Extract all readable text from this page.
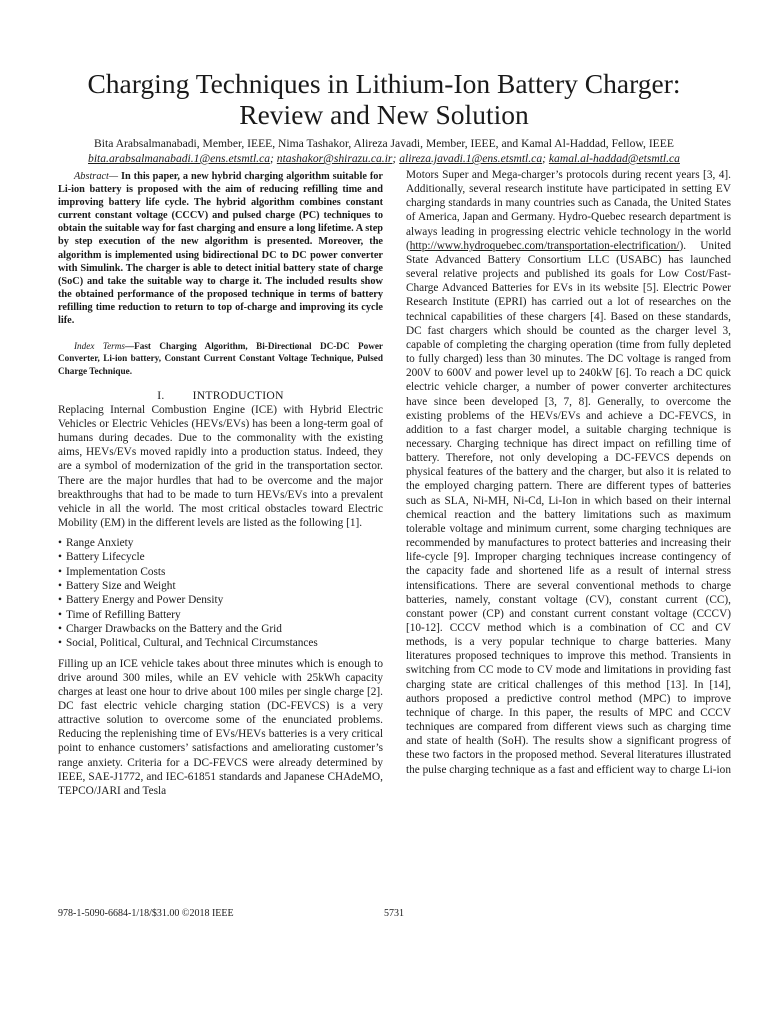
Charging Techniques in Lithium-Ion Battery Charger: Review and New Solution
Bita Arabsalmanabadi, Member, IEEE, Nima Tashakor, Alireza Javadi, Member, IEEE, and Kamal Al-Haddad, Fellow, IEEE
bita.arabsalmanabadi.1@ens.etsmtl.ca; ntashakor@shirazu.ca.ir; alireza.javadi.1@ens.etsmtl.ca; kamal.al-haddad@etsmtl.ca

Abstract— In this paper, a new hybrid charging algorithm suitable for Li-ion battery is proposed with the aim of reducing refilling time and improving battery life cycle. The hybrid algorithm combines constant current constant voltage (CCCV) and pulsed charge (PC) techniques to obtain the suitable way for fast charging and ensure a long lifetime. A step by step execution of the new algorithm is presented. Moreover, the algorithm is implemented using bidirectional DC to DC power converter with Simulink. The charger is able to detect initial battery state of charge (SoC) and take the suitable way to charge it. The included results show the obtained performance of the proposed technique in terms of battery refilling time reduction to return to top of-charge and improving its cycle life.

Index Terms—Fast Charging Algorithm, Bi-Directional DC-DC Power Converter, Li-ion battery, Constant Current Constant Voltage Technique, Pulsed Charge Technique.

I. INTRODUCTION

Replacing Internal Combustion Engine (ICE) with Hybrid Electric Vehicles or Electric Vehicles (HEVs/EVs) has been a long-term goal of humans during decades. Due to the commonality with the existing aims, HEVs/EVs moved rapidly into a production status. Indeed, they are a symbol of modernization of the grid in the transportation sector. There are the major hurdles that had to be overcome and the major breakthroughs that had to be made to turn HEVs/EVs into a prevalent vehicle in all the world. The most critical obstacles toward Electric Mobility (EM) in the different levels are listed as the following [1].

• Range Anxiety
• Battery Lifecycle
• Implementation Costs
• Battery Size and Weight
• Battery Energy and Power Density
• Time of Refilling Battery
• Charger Drawbacks on the Battery and the Grid
• Social, Political, Cultural, and Technical Circumstances

Filling up an ICE vehicle takes about three minutes which is enough to drive around 300 miles, while an EV vehicle with 25kWh capacity charges at least one hour to drive about 100 miles per single charge [2]. DC fast electric vehicle charging station (DC-FEVCS) is a very attractive solution to overcome some of the enunciated problems. Reducing the replenishing time of EVs/HEVs batteries is a very critical point to enhance customers’ satisfactions and ameliorating customer’s range anxiety. Criteria for a DC-FEVCS were already determined by IEEE, SAE-J1772, and IEC-61851 standards and Japanese CHAdeMO, TEPCO/JARI and Tesla

Motors Super and Mega-charger’s protocols during recent years [3, 4]. Additionally, several research institute have participated in setting EV charging standards in many countries such as Canada, the United States of America, Japan and Germany. Hydro-Quebec research department is always leading in progressing electric vehicle technology in the world (http://www.hydroquebec.com/transportation-electrification/). United State Advanced Battery Consortium LLC (USABC) has launched several relative projects and published its goals for Low Cost/Fast-Charge Advanced Batteries for EVs in its website [5]. Electric Power Research Institute (EPRI) has carried out a lot of researches on the technical capabilities of these chargers [4]. Based on these standards, DC fast chargers which should be counted as the charger level 3, capable of completing the charging operation (time from fully depleted to fully charged) less than 30 minutes. The DC voltage is ranged from 200V to 600V and power level up to 240kW [6]. To reach a DC quick electric vehicle charger, a number of power converter architectures have since been developed [3, 7, 8]. Generally, to overcome the existing problems of the HEVs/EVs and achieve a DC-FEVCS, in addition to a fast charger model, a suitable charging technique is necessary. Charging technique has direct impact on refilling time of battery. Therefore, not only developing a DC-FEVCS depends on physical features of the battery and the charger, but also it is related to the employed charging pattern. There are different types of batteries such as SLA, Ni-MH, Ni-Cd, Li-Ion in which based on their internal chemical reaction and the battery limitations such as maximum tolerable voltage and minimum current, some charging techniques are recommended by manufactures to protect batteries and increasing their life-cycle [9]. Improper charging techniques increase contingency of the capacity fade and shortened life as a result of internal stress intensifications. There are several conventional methods to charge batteries, namely, constant voltage (CV), constant current (CC), constant power (CP) and constant current constant voltage (CCCV) [10-12]. CCCV method which is a combination of CC and CV methods, is a very popular technique to charge batteries. Many literatures proposed techniques to improve this method. Transients in switching from CC mode to CV mode and limitations in providing fast charging state are critical challenges of this method [13]. In [14], authors proposed a predictive control method (MPC) to improve technique of charge. In this paper, the results of MPC and CCCV techniques are compared from different views such as charging time and state of health (SoH). The results show a significant progress of these two factors in the proposed method. Several literatures illustrated the pulse charging technique as a fast and efficient way to charge Li-ion

978-1-5090-6684-1/18/$31.00 ©2018 IEEE	5731
